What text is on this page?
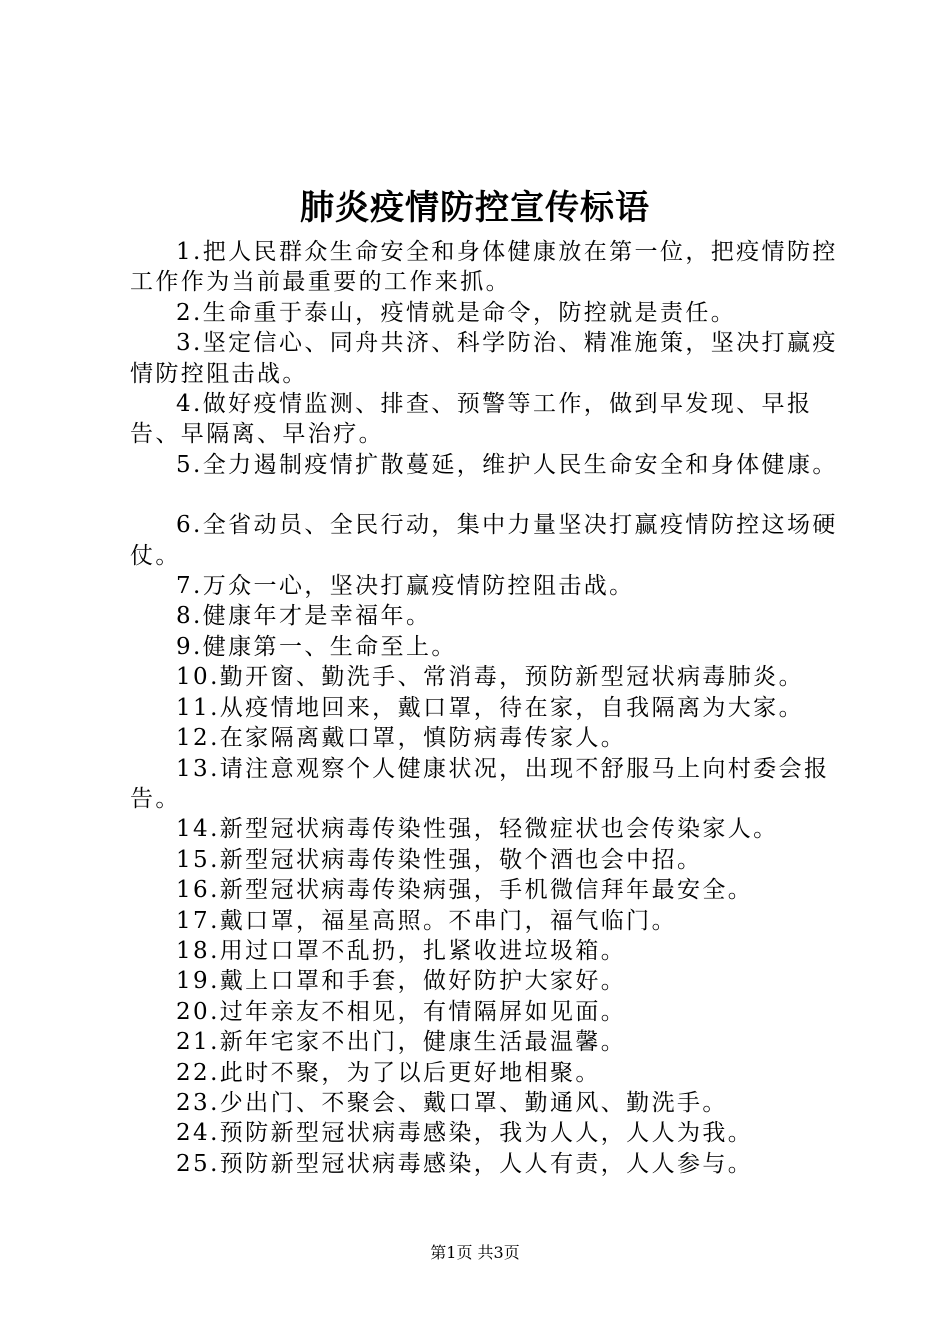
肺炎疫情防控宣传标语
1.把人民群众生命安全和身体健康放在第一位，把疫情防控工作作为当前最重要的工作来抓。
2.生命重于泰山，疫情就是命令，防控就是责任。
3.坚定信心、同舟共济、科学防治、精准施策，坚决打赢疫情防控阻击战。
4.做好疫情监测、排查、预警等工作，做到早发现、早报告、早隔离、早治疗。
5.全力遏制疫情扩散蔓延，维护人民生命安全和身体健康。
6.全省动员、全民行动，集中力量坚决打赢疫情防控这场硬仗。
7.万众一心，坚决打赢疫情防控阻击战。
8.健康年才是幸福年。
9.健康第一、生命至上。
10.勤开窗、勤洗手、常消毒，预防新型冠状病毒肺炎。
11.从疫情地回来，戴口罩，待在家，自我隔离为大家。
12.在家隔离戴口罩，慎防病毒传家人。
13.请注意观察个人健康状况，出现不舒服马上向村委会报告。
14.新型冠状病毒传染性强，轻微症状也会传染家人。
15.新型冠状病毒传染性强，敬个酒也会中招。
16.新型冠状病毒传染病强，手机微信拜年最安全。
17.戴口罩，福星高照。不串门，福气临门。
18.用过口罩不乱扔，扎紧收进垃圾箱。
19.戴上口罩和手套，做好防护大家好。
20.过年亲友不相见，有情隔屏如见面。
21.新年宅家不出门，健康生活最温馨。
22.此时不聚，为了以后更好地相聚。
23.少出门、不聚会、戴口罩、勤通风、勤洗手。
24.预防新型冠状病毒感染，我为人人，人人为我。
25.预防新型冠状病毒感染，人人有责，人人参与。
第1页 共3页
